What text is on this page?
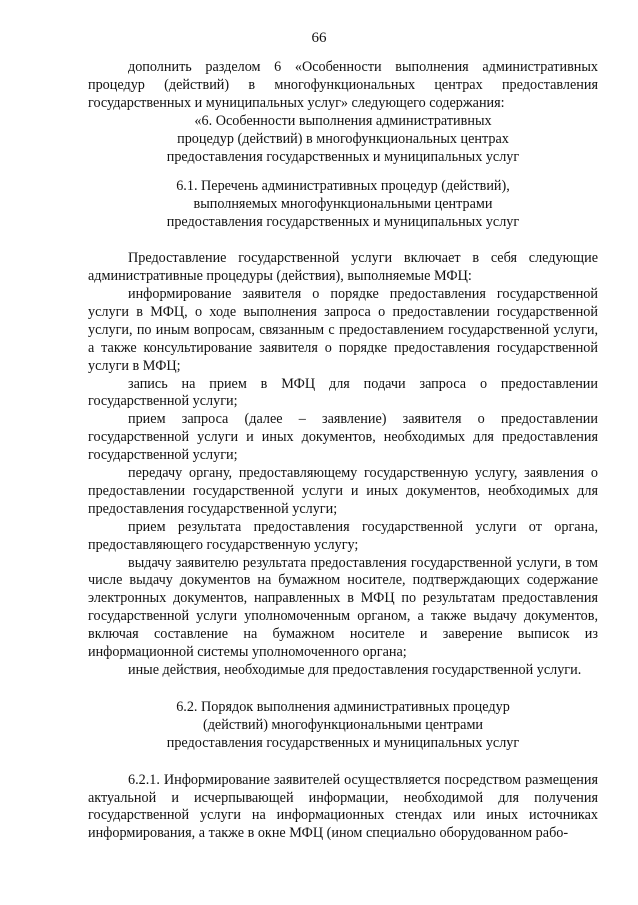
66

дополнить разделом 6 «Особенности выполнения административных процедур (действий) в многофункциональных центрах предоставления государственных и муниципальных услуг» следующего содержания:

«6. Особенности выполнения административных

процедур (действий) в многофункциональных центрах

предоставления государственных и муниципальных услуг

6.1. Перечень административных процедур (действий),

выполняемых многофункциональными центрами

предоставления государственных и муниципальных услуг

Предоставление государственной услуги включает в себя следующие административные процедуры (действия), выполняемые МФЦ:

информирование заявителя о порядке предоставления государственной услуги в МФЦ, о ходе выполнения запроса о предоставлении государственной услуги, по иным вопросам, связанным с предоставлением государственной услуги, а также консультирование заявителя о порядке предоставления государственной услуги в МФЦ;

запись на прием в МФЦ для подачи запроса о предоставлении государственной услуги;

прием запроса (далее – заявление) заявителя о предоставлении государственной услуги и иных документов, необходимых для предоставления государственной услуги;

передачу органу, предоставляющему государственную услугу, заявления о предоставлении государственной услуги и иных документов, необходимых для предоставления государственной услуги;

прием результата предоставления государственной услуги от органа, предоставляющего государственную услугу;

выдачу заявителю результата предоставления государственной услуги, в том числе выдачу документов на бумажном носителе, подтверждающих содержание электронных документов, направленных в МФЦ по результатам предоставления государственной услуги уполномоченным органом, а также выдачу документов, включая составление на бумажном носителе и заверение выписок из информационной системы уполномоченного органа;

иные действия, необходимые для предоставления государственной услуги.

6.2. Порядок выполнения административных процедур

(действий) многофункциональными центрами

предоставления государственных и муниципальных услуг

6.2.1. Информирование заявителей осуществляется посредством размещения актуальной и исчерпывающей информации, необходимой для получения государственной услуги на информационных стендах или иных источниках информирования, а также в окне МФЦ (ином специально оборудованном рабо-
